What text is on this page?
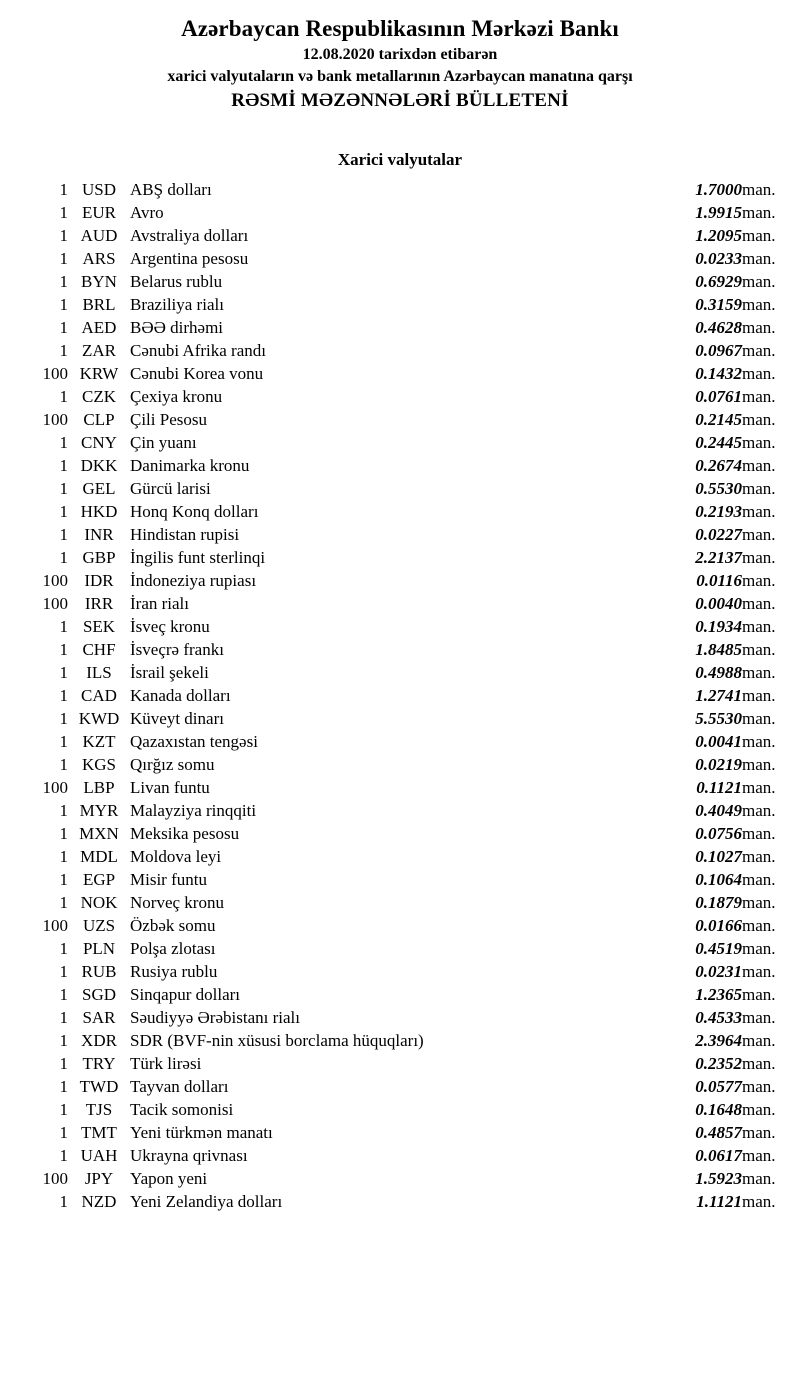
Azərbaycan Respublikasının Mərkəzi Bankı
12.08.2020 tarixdən etibarən
xarici valyutaların və bank metallarının Azərbaycan manatına qarşı
RƏSMİ MƏZƏNNƏLƏRİ BÜLLETENİ
Xarici valyutalar
1	USD	ABŞ dolları	1.7000	man.
1	EUR	Avro	1.9915	man.
1	AUD	Avstraliya dolları	1.2095	man.
1	ARS	Argentina pesosu	0.0233	man.
1	BYN	Belarus rublu	0.6929	man.
1	BRL	Braziliya rialı	0.3159	man.
1	AED	BƏƏ dirhəmi	0.4628	man.
1	ZAR	Cənubi Afrika randı	0.0967	man.
100	KRW	Cənubi Korea vonu	0.1432	man.
1	CZK	Çexiya kronu	0.0761	man.
100	CLP	Çili Pesosu	0.2145	man.
1	CNY	Çin yuanı	0.2445	man.
1	DKK	Danimarka kronu	0.2674	man.
1	GEL	Gürcü larisi	0.5530	man.
1	HKD	Honq Konq dolları	0.2193	man.
1	INR	Hindistan rupisi	0.0227	man.
1	GBP	İngilis funt sterlinqi	2.2137	man.
100	IDR	İndoneziya rupiası	0.0116	man.
100	IRR	İran rialı	0.0040	man.
1	SEK	İsveç kronu	0.1934	man.
1	CHF	İsveçrə frankı	1.8485	man.
1	ILS	İsrail şekeli	0.4988	man.
1	CAD	Kanada dolları	1.2741	man.
1	KWD	Küveyt dinarı	5.5530	man.
1	KZT	Qazaxıstan tengəsi	0.0041	man.
1	KGS	Qırğız somu	0.0219	man.
100	LBP	Livan funtu	0.1121	man.
1	MYR	Malayziya rinqqiti	0.4049	man.
1	MXN	Meksika pesosu	0.0756	man.
1	MDL	Moldova leyi	0.1027	man.
1	EGP	Misir funtu	0.1064	man.
1	NOK	Norveç kronu	0.1879	man.
100	UZS	Özbək somu	0.0166	man.
1	PLN	Polşa zlotası	0.4519	man.
1	RUB	Rusiya rublu	0.0231	man.
1	SGD	Sinqapur dolları	1.2365	man.
1	SAR	Səudiyyə Ərəbistanı rialı	0.4533	man.
1	XDR	SDR (BVF-nin xüsusi borclama hüquqları)	2.3964	man.
1	TRY	Türk lirəsi	0.2352	man.
1	TWD	Tayvan dolları	0.0577	man.
1	TJS	Tacik somonisi	0.1648	man.
1	TMT	Yeni türkmən manatı	0.4857	man.
1	UAH	Ukrayna qrivnası	0.0617	man.
100	JPY	Yapon yeni	1.5923	man.
1	NZD	Yeni Zelandiya dolları	1.1121	man.
